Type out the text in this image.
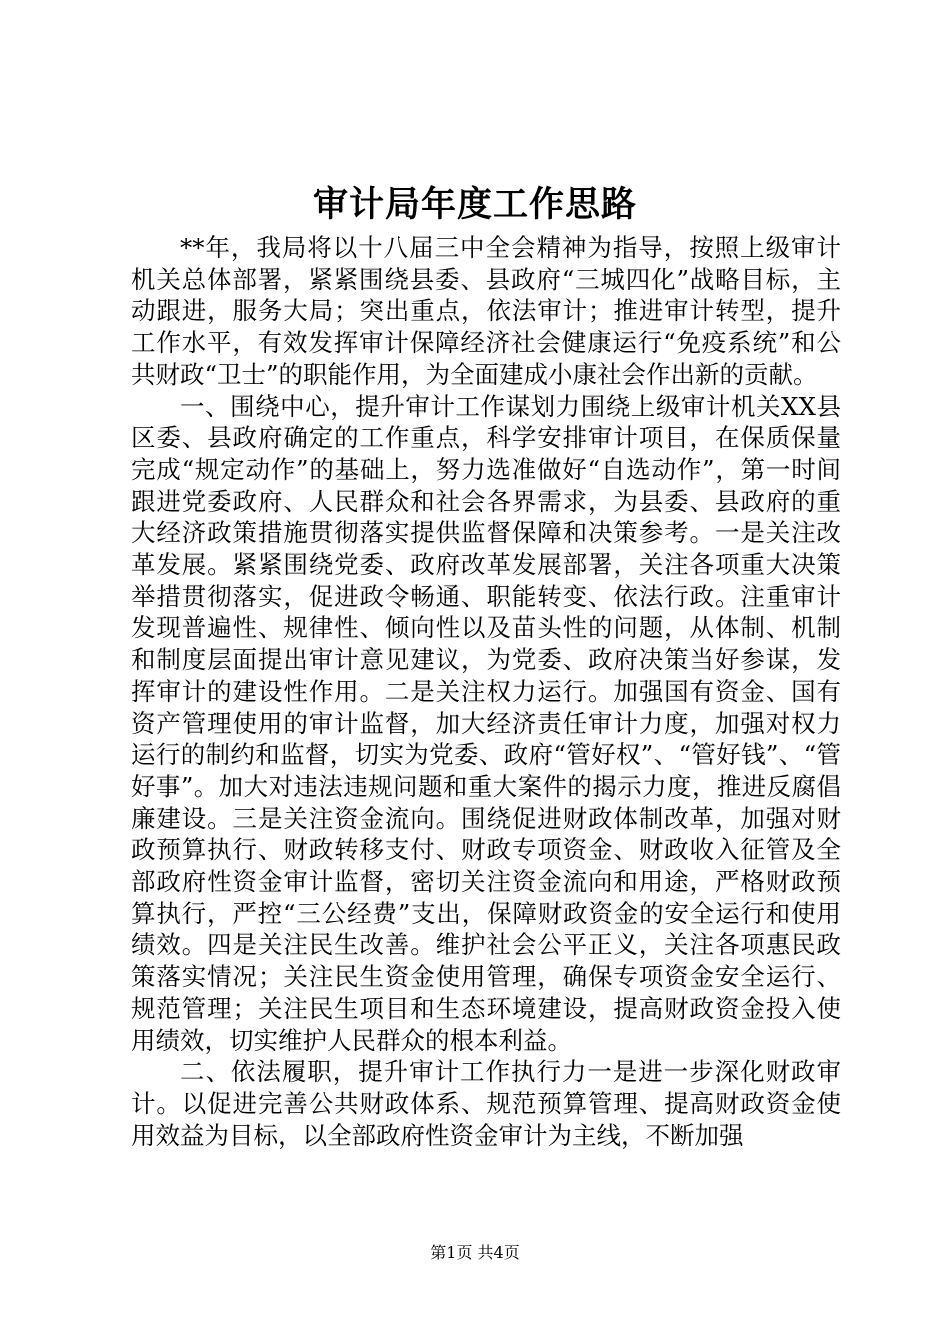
审计局年度工作思路

**年，我局将以十八届三中全会精神为指导，按照上级审计机关总体部署，紧紧围绕县委、县政府“三城四化”战略目标，主动跟进，服务大局；突出重点，依法审计；推进审计转型，提升工作水平，有效发挥审计保障经济社会健康运行“免疫系统”和公共财政“卫士”的职能作用，为全面建成小康社会作出新的贡献。

一、围绕中心，提升审计工作谋划力围绕上级审计机关XX县区委、县政府确定的工作重点，科学安排审计项目，在保质保量完成“规定动作”的基础上，努力选准做好“自选动作”，第一时间跟进党委政府、人民群众和社会各界需求，为县委、县政府的重大经济政策措施贯彻落实提供监督保障和决策参考。一是关注改革发展。紧紧围绕党委、政府改革发展部署，关注各项重大决策举措贯彻落实，促进政令畅通、职能转变、依法行政。注重审计发现普遍性、规律性、倾向性以及苗头性的问题，从体制、机制和制度层面提出审计意见建议，为党委、政府决策当好参谋，发挥审计的建设性作用。二是关注权力运行。加强国有资金、国有资产管理使用的审计监督，加大经济责任审计力度，加强对权力运行的制约和监督，切实为党委、政府“管好权”、“管好钱”、“管好事”。加大对违法违规问题和重大案件的揭示力度，推进反腐倡廉建设。三是关注资金流向。围绕促进财政体制改革，加强对财政预算执行、财政转移支付、财政专项资金、财政收入征管及全部政府性资金审计监督，密切关注资金流向和用途，严格财政预算执行，严控“三公经费”支出，保障财政资金的安全运行和使用绩效。四是关注民生改善。维护社会公平正义，关注各项惠民政策落实情况；关注民生资金使用管理，确保专项资金安全运行、规范管理；关注民生项目和生态环境建设，提高财政资金投入使用绩效，切实维护人民群众的根本利益。

二、依法履职，提升审计工作执行力一是进一步深化财政审计。以促进完善公共财政体系、规范预算管理、提高财政资金使用效益为目标，以全部政府性资金审计为主线，不断加强

第1页 共4页
